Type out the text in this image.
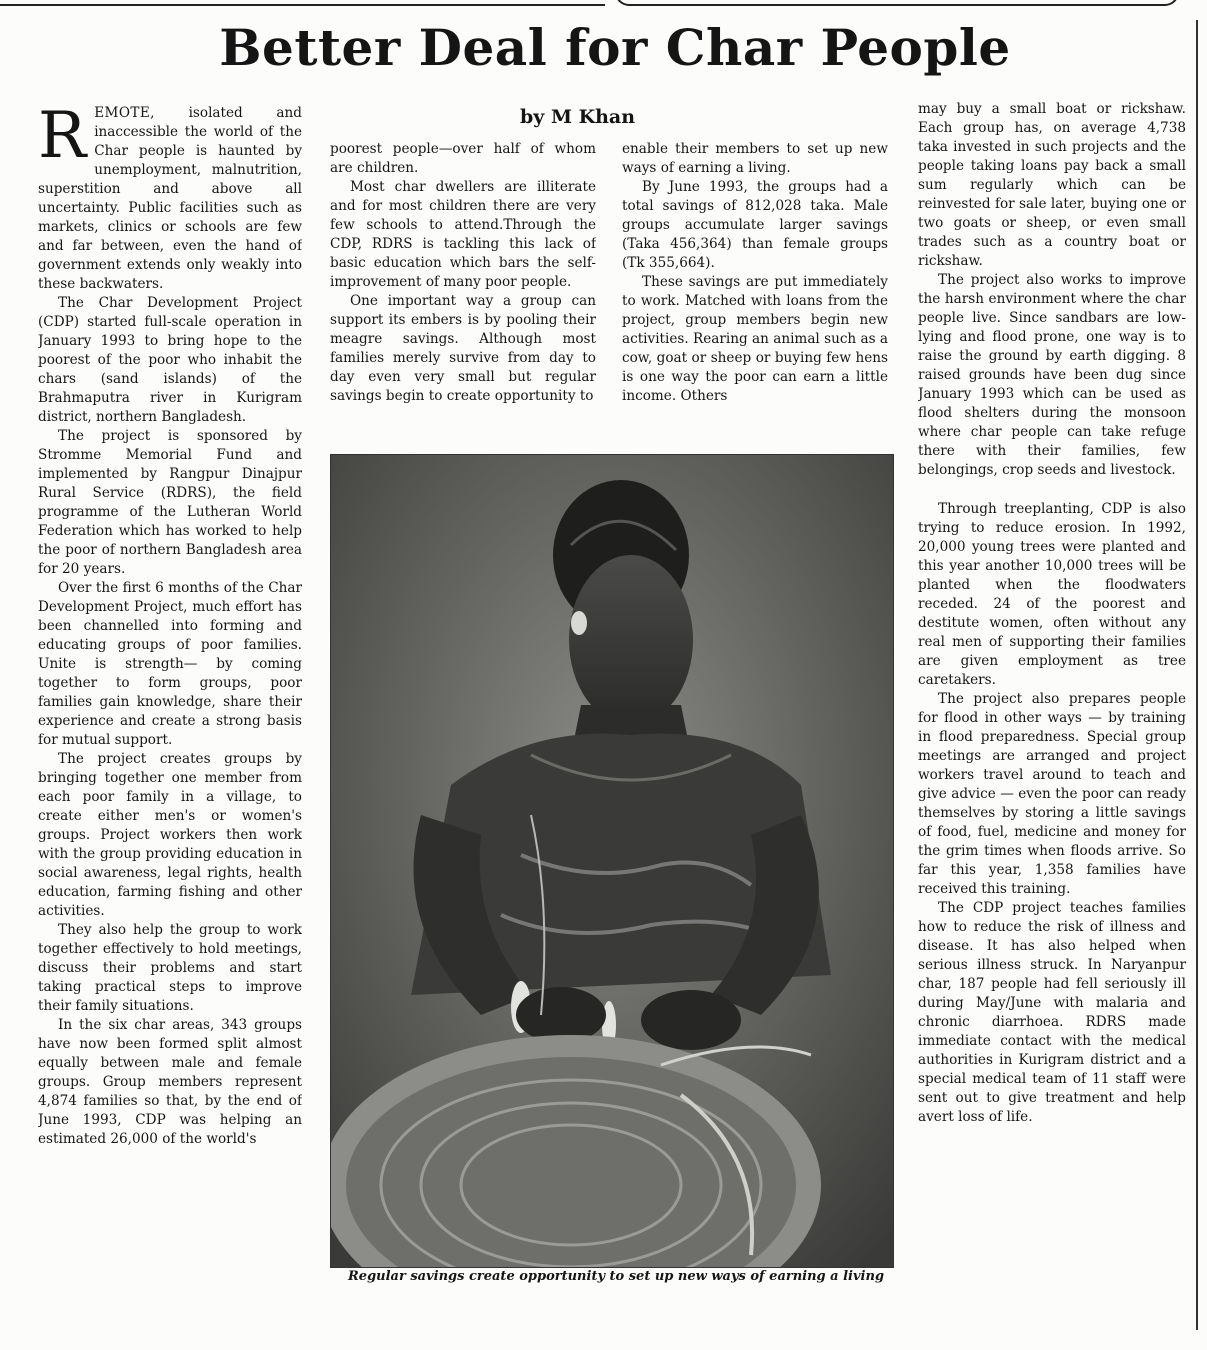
Better Deal for Char People
by M Khan

REMOTE, isolated and inaccessible the world of the Char people is haunted by unemployment, malnutrition, superstition and above all uncertainty. Public facilities such as markets, clinics or schools are few and far between, even the hand of government extends only weakly into these backwaters.

The Char Development Project (CDP) started full-scale operation in January 1993 to bring hope to the poorest of the poor who inhabit the chars (sand islands) of the Brahmaputra river in Kurigram district, northern Bangladesh.

The project is sponsored by Stromme Memorial Fund and implemented by Rangpur Dinajpur Rural Service (RDRS), the field programme of the Lutheran World Federation which has worked to help the poor of northern Bangladesh area for 20 years.

Over the first 6 months of the Char Development Project, much effort has been channelled into forming and educating groups of poor families. Unite is strength— by coming together to form groups, poor families gain knowledge, share their experience and create a strong basis for mutual support.

The project creates groups by bringing together one member from each poor family in a village, to create either men's or women's groups. Project workers then work with the group providing education in social awareness, legal rights, health education, farming fishing and other activities.

They also help the group to work together effectively to hold meetings, discuss their problems and start taking practical steps to improve their family situations.

In the six char areas, 343 groups have now been formed split almost equally between male and female groups. Group members represent 4,874 families so that, by the end of June 1993, CDP was helping an estimated 26,000 of the world's

poorest people—over half of whom are children.

Most char dwellers are illiterate and for most children there are very few schools to attend.Through the CDP, RDRS is tackling this lack of basic education which bars the self-improvement of many poor people.

One important way a group can support its embers is by pooling their meagre savings. Although most families merely survive from day to day even very small but regular savings begin to create opportunity to

enable their members to set up new ways of earning a living.

By June 1993, the groups had a total savings of 812,028 taka. Male groups accumulate larger savings (Taka 456,364) than female groups (Tk 355,664).

These savings are put immediately to work. Matched with loans from the project, group members begin new activities. Rearing an animal such as a cow, goat or sheep or buying few hens is one way the poor can earn a little income. Others

Regular savings create opportunity to set up new ways of earning a living

may buy a small boat or rickshaw. Each group has, on average 4,738 taka invested in such projects and the people taking loans pay back a small sum regularly which can be reinvested for sale later, buying one or two goats or sheep, or even small trades such as a country boat or rickshaw.

The project also works to improve the harsh environment where the char people live. Since sandbars are low-lying and flood prone, one way is to raise the ground by earth digging. 8 raised grounds have been dug since January 1993 which can be used as flood shelters during the monsoon where char people can take refuge there with their families, few belongings, crop seeds and livestock.

Through treeplanting, CDP is also trying to reduce erosion. In 1992, 20,000 young trees were planted and this year another 10,000 trees will be planted when the floodwaters receded. 24 of the poorest and destitute women, often without any real men of supporting their families are given employment as tree caretakers.

The project also prepares people for flood in other ways — by training in flood preparedness. Special group meetings are arranged and project workers travel around to teach and give advice — even the poor can ready themselves by storing a little savings of food, fuel, medicine and money for the grim times when floods arrive. So far this year, 1,358 families have received this training.

The CDP project teaches families how to reduce the risk of illness and disease. It has also helped when serious illness struck. In Naryanpur char, 187 people had fell seriously ill during May/June with malaria and chronic diarrhoea. RDRS made immediate contact with the medical authorities in Kurigram district and a special medical team of 11 staff were sent out to give treatment and help avert loss of life.
